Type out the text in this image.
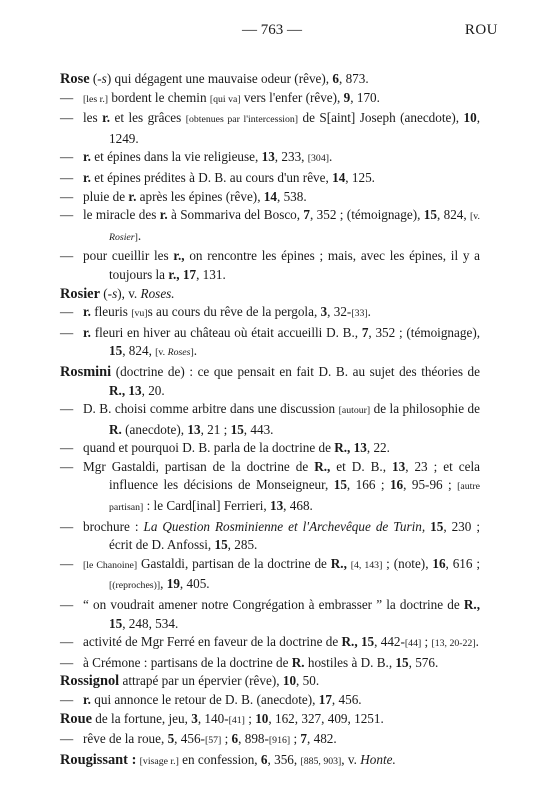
— 763 —	ROU
Rose (-s) qui dégagent une mauvaise odeur (rêve), 6, 873.
— [les r.] bordent le chemin [qui va] vers l'enfer (rêve), 9, 170.
— les r. et les grâces [obtenues par l'intercession] de S[aint] Joseph (anecdote), 10, 1249.
— r. et épines dans la vie religieuse, 13, 233, [304].
— r. et épines prédites à D. B. au cours d'un rêve, 14, 125.
— pluie de r. après les épines (rêve), 14, 538.
— le miracle des r. à Sommariva del Bosco, 7, 352 ; (témoignage), 15, 824, [v. Rosier].
— pour cueillir les r., on rencontre les épines ; mais, avec les épines, il y a toujours la r., 17, 131.
Rosier (-s), v. Roses.
— r. fleuris [vu]s au cours du rêve de la pergola, 3, 32-[33].
— r. fleuri en hiver au château où était accueilli D. B., 7, 352 ; (témoignage), 15, 824, [v. Roses].
Rosmini (doctrine de) : ce que pensait en fait D. B. au sujet des théories de R., 13, 20.
— D. B. choisi comme arbitre dans une discussion [autour] de la philosophie de R. (anecdote), 13, 21 ; 15, 443.
— quand et pourquoi D. B. parla de la doctrine de R., 13, 22.
— Mgr Gastaldi, partisan de la doctrine de R., et D. B., 13, 23 ; et cela influence les décisions de Monseigneur, 15, 166 ; 16, 95-96 ; [autre partisan] : le Card[inal] Ferrieri, 13, 468.
— brochure : La Question Rosminienne et l'Archevêque de Turin, 15, 230 ; écrit de D. Anfossi, 15, 285.
— [le Chanoine] Gastaldi, partisan de la doctrine de R., [4, 143] ; (note), 16, 616 ; [(reproches)], 19, 405.
— “ on voudrait amener notre Congrégation à embrasser ” la doctrine de R., 15, 248, 534.
— activité de Mgr Ferré en faveur de la doctrine de R., 15, 442-[44] ; [13, 20-22].
— à Crémone : partisans de la doctrine de R. hostiles à D. B., 15, 576.
Rossignol attrapé par un épervier (rêve), 10, 50.
— r. qui annonce le retour de D. B. (anecdote), 17, 456.
Roue de la fortune, jeu, 3, 140-[41] ; 10, 162, 327, 409, 1251.
— rêve de la roue, 5, 456-[57] ; 6, 898-[916] ; 7, 482.
Rougissant : [visage r.] en confession, 6, 356, [885, 903], v. Honte.
